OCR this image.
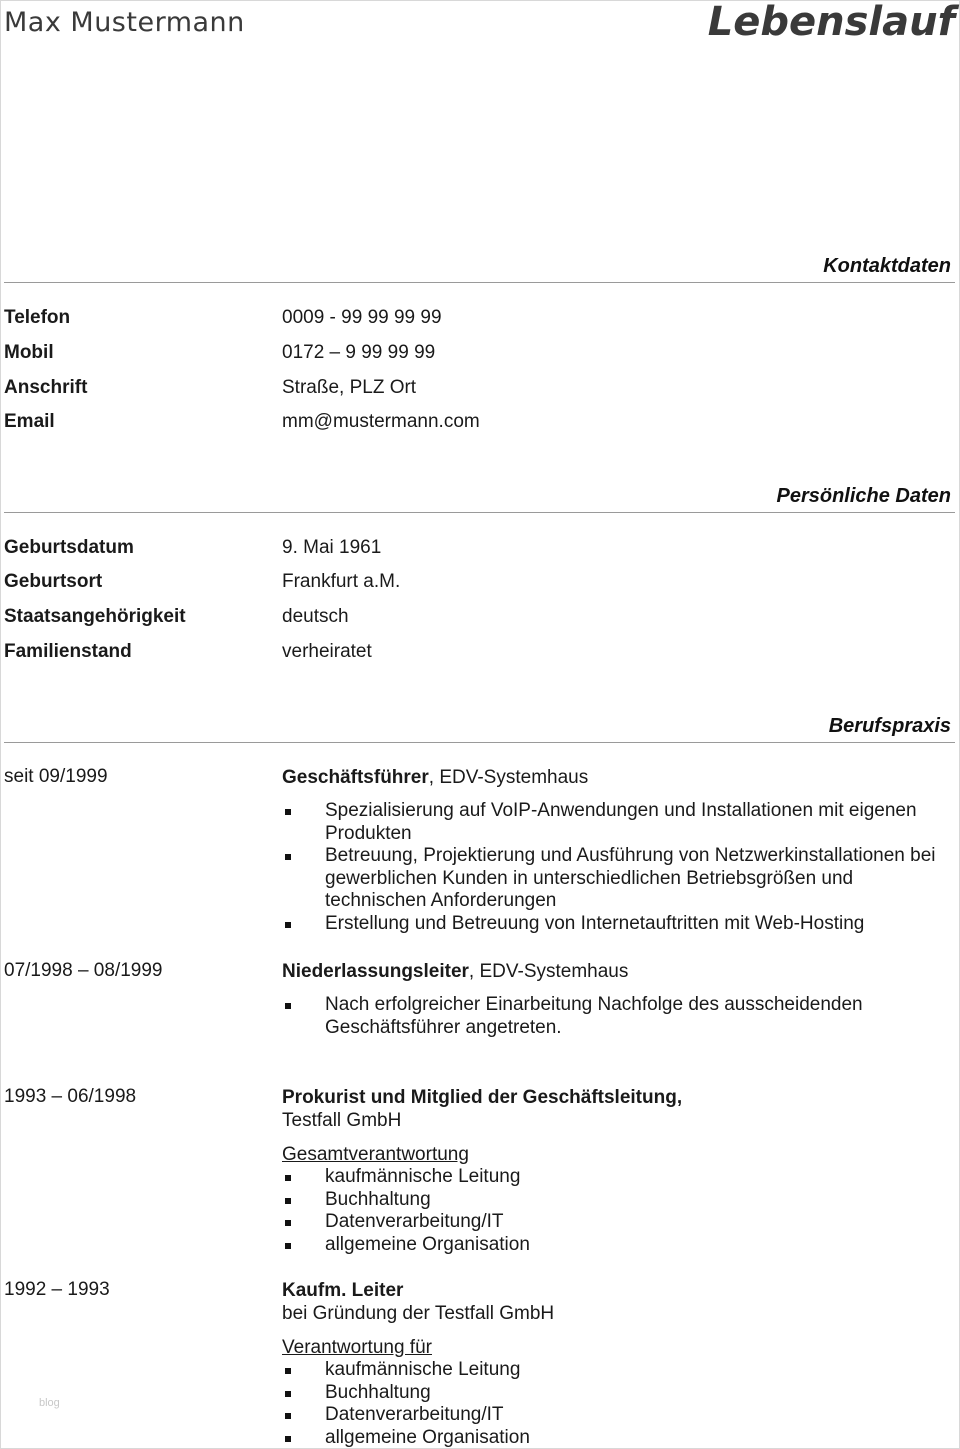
Max Mustermann	Lebenslauf
Kontaktdaten
Telefon	0009 - 99 99 99 99
Mobil	0172 – 9 99 99 99
Anschrift	Straße, PLZ Ort
Email	mm@mustermann.com
Persönliche Daten
Geburtsdatum	9. Mai 1961
Geburtsort	Frankfurt a.M.
Staatsangehörigkeit	deutsch
Familienstand	verheiratet
Berufspraxis
seit 09/1999	Geschäftsführer, EDV-Systemhaus
Spezialisierung auf VoIP-Anwendungen und Installationen mit eigenen Produkten
Betreuung, Projektierung und Ausführung von Netzwerkinstallationen bei gewerblichen Kunden in unterschiedlichen Betriebsgrößen und technischen Anforderungen
Erstellung und Betreuung von Internetauftritten mit Web-Hosting
07/1998 – 08/1999	Niederlassungsleiter, EDV-Systemhaus
Nach erfolgreicher Einarbeitung Nachfolge des ausscheidenden Geschäftsführer angetreten.
1993 – 06/1998	Prokurist und Mitglied der Geschäftsleitung,
Testfall GmbH
Gesamtverantwortung
kaufmännische Leitung
Buchhaltung
Datenverarbeitung/IT
allgemeine Organisation
1992 – 1993	Kaufm. Leiter
bei Gründung der Testfall GmbH
Verantwortung für
kaufmännische Leitung
Buchhaltung
Datenverarbeitung/IT
allgemeine Organisation
blog
